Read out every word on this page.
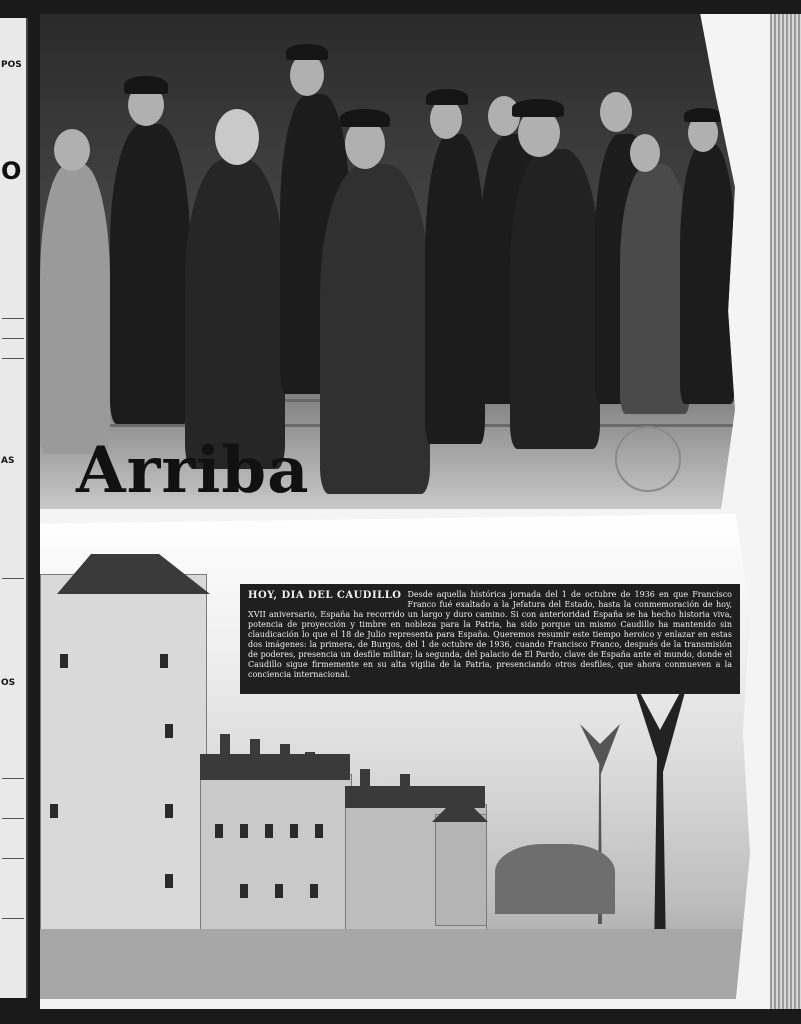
POS
O
AS
OS
Arriba

HOY, DIA DEL CAUDILLO Desde aquella histórica jornada del 1 de octubre de 1936 en que Francisco Franco fué exaltado a la Jefatura del Estado, hasta la conmemoración de hoy, XVII aniversario, España ha recorrido un largo y duro camino. Si con anterioridad España se ha hecho historia viva, potencia de proyección y timbre en nobleza para la Patria, ha sido porque un mismo Caudillo ha mantenido sin claudicación lo que el 18 de Julio representa para España. Queremos resumir este tiempo heroico y enlazar en estas dos imágenes: la primera, de Burgos, del 1 de octubre de 1936, cuando Francisco Franco, después de la transmisión de poderes, presencia un desfile militar; la segunda, del palacio de El Pardo, clave de España ante el mundo, donde el Caudillo sigue firmemente en su alta vigilia de la Patria, presenciando otros desfiles, que ahora conmueven a la conciencia internacional.
